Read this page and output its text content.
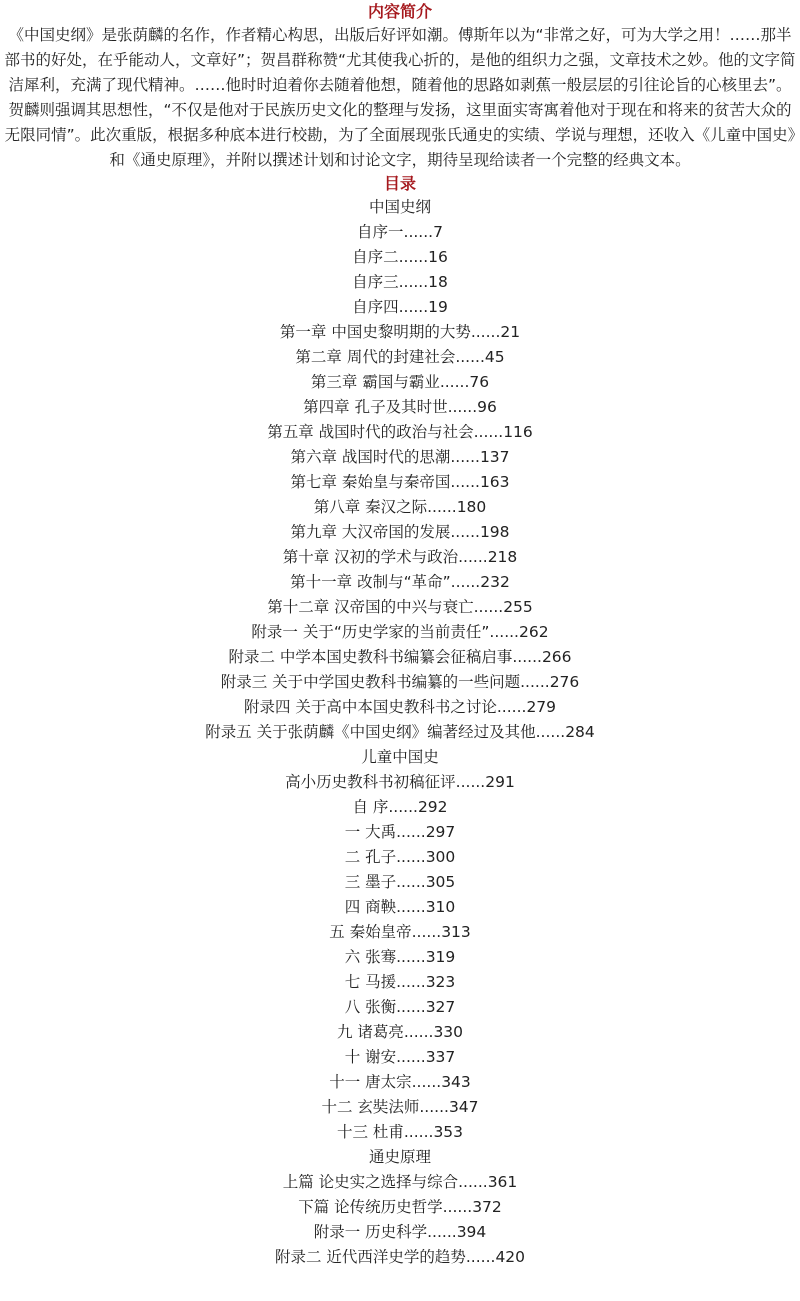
内容简介

《中国史纲》是张荫麟的名作，作者精心构思，出版后好评如潮。傅斯年以为“非常之好，可为大学之用！……那半部书的好处，在乎能动人，文章好”；贺昌群称赞“尤其使我心折的，是他的组织力之强，文章技术之妙。他的文字简洁犀利，充满了现代精神。……他时时迫着你去随着他想，随着他的思路如剥蕉一般层层的引往论旨的心核里去”。贺麟则强调其思想性，“不仅是他对于民族历史文化的整理与发扬，这里面实寄寓着他对于现在和将来的贫苦大众的无限同情”。此次重版，根据多种底本进行校勘，为了全面展现张氏通史的实绩、学说与理想，还收入《儿童中国史》和《通史原理》，并附以撰述计划和讨论文字，期待呈现给读者一个完整的经典文本。

目录
中国史纲
自序一......7
自序二......16
自序三......18
自序四......19
第一章 中国史黎明期的大势......21
第二章 周代的封建社会......45
第三章 霸国与霸业......76
第四章 孔子及其时世......96
第五章 战国时代的政治与社会......116
第六章 战国时代的思潮......137
第七章 秦始皇与秦帝国......163
第八章 秦汉之际......180
第九章 大汉帝国的发展......198
第十章 汉初的学术与政治......218
第十一章 改制与“革命”......232
第十二章 汉帝国的中兴与衰亡......255
附录一 关于“历史学家的当前责任”......262
附录二 中学本国史教科书编纂会征稿启事......266
附录三 关于中学国史教科书编纂的一些问题......276
附录四 关于高中本国史教科书之讨论......279
附录五 关于张荫麟《中国史纲》编著经过及其他......284
儿童中国史
高小历史教科书初稿征评......291
自 序......292
一 大禹......297
二 孔子......300
三 墨子......305
四 商鞅......310
五 秦始皇帝......313
六 张骞......319
七 马援......323
八 张衡......327
九 诸葛亮......330
十 谢安......337
十一 唐太宗......343
十二 玄奘法师......347
十三 杜甫......353
通史原理
上篇 论史实之选择与综合......361
下篇 论传统历史哲学......372
附录一 历史科学......394
附录二 近代西洋史学的趋势......420
